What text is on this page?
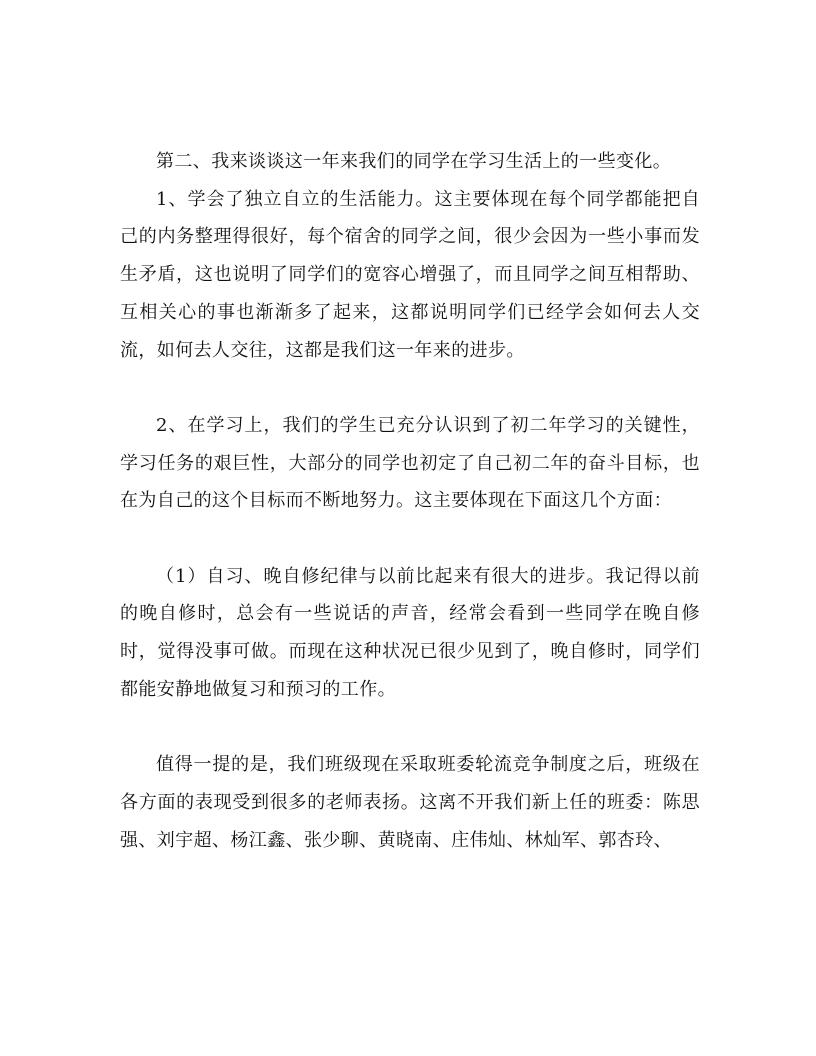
第二、我来谈谈这一年来我们的同学在学习生活上的一些变化。

1、学会了独立自立的生活能力。这主要体现在每个同学都能把自己的内务整理得很好，每个宿舍的同学之间，很少会因为一些小事而发生矛盾，这也说明了同学们的宽容心增强了，而且同学之间互相帮助、互相关心的事也渐渐多了起来，这都说明同学们已经学会如何去人交流，如何去人交往，这都是我们这一年来的进步。

2、在学习上，我们的学生已充分认识到了初二年学习的关键性，学习任务的艰巨性，大部分的同学也初定了自己初二年的奋斗目标，也在为自己的这个目标而不断地努力。这主要体现在下面这几个方面：

（1）自习、晚自修纪律与以前比起来有很大的进步。我记得以前的晚自修时，总会有一些说话的声音，经常会看到一些同学在晚自修时，觉得没事可做。而现在这种状况已很少见到了，晚自修时，同学们都能安静地做复习和预习的工作。

值得一提的是，我们班级现在采取班委轮流竞争制度之后，班级在各方面的表现受到很多的老师表扬。这离不开我们新上任的班委：陈思强、刘宇超、杨江鑫、张少聊、黄晓南、庄伟灿、林灿军、郭杏玲、
